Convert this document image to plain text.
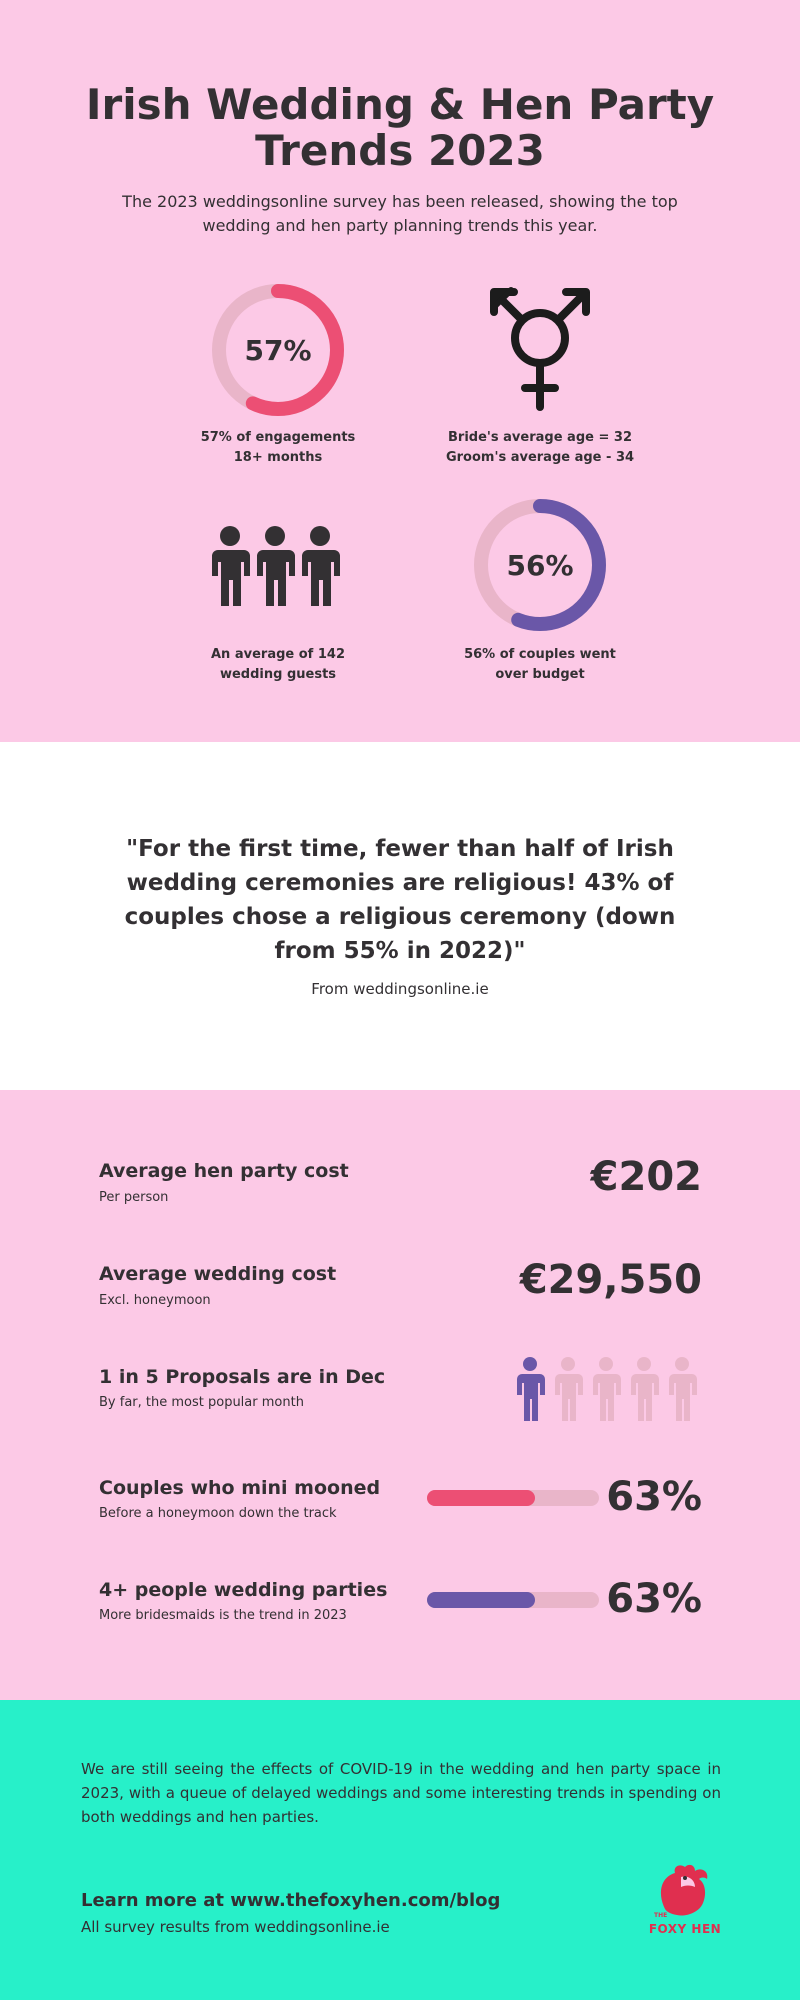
Irish Wedding & Hen Party
Trends 2023
The 2023 weddingsonline survey has been released, showing the top wedding and hen party planning trends this year.
57%
57% of engagements
18+ months
Bride's average age = 32
Groom's average age - 34
An average of 142
wedding guests
56%
56% of couples went
over budget
"For the first time, fewer than half of Irish wedding ceremonies are religious! 43% of couples chose a religious ceremony (down from 55% in 2022)"
From weddingsonline.ie
Average hen party cost
Per person	€202
Average wedding cost
Excl. honeymoon	€29,550
1 in 5 Proposals are in Dec
By far, the most popular month
Couples who mini mooned
Before a honeymoon down the track	63%
4+ people wedding parties
More bridesmaids is the trend in 2023	63%
We are still seeing the effects of COVID-19 in the wedding and hen party space in 2023, with a queue of delayed weddings and some interesting trends in spending on both weddings and hen parties.
Learn more at www.thefoxyhen.com/blog
All survey results from weddingsonline.ie
THE
FOXY HEN
